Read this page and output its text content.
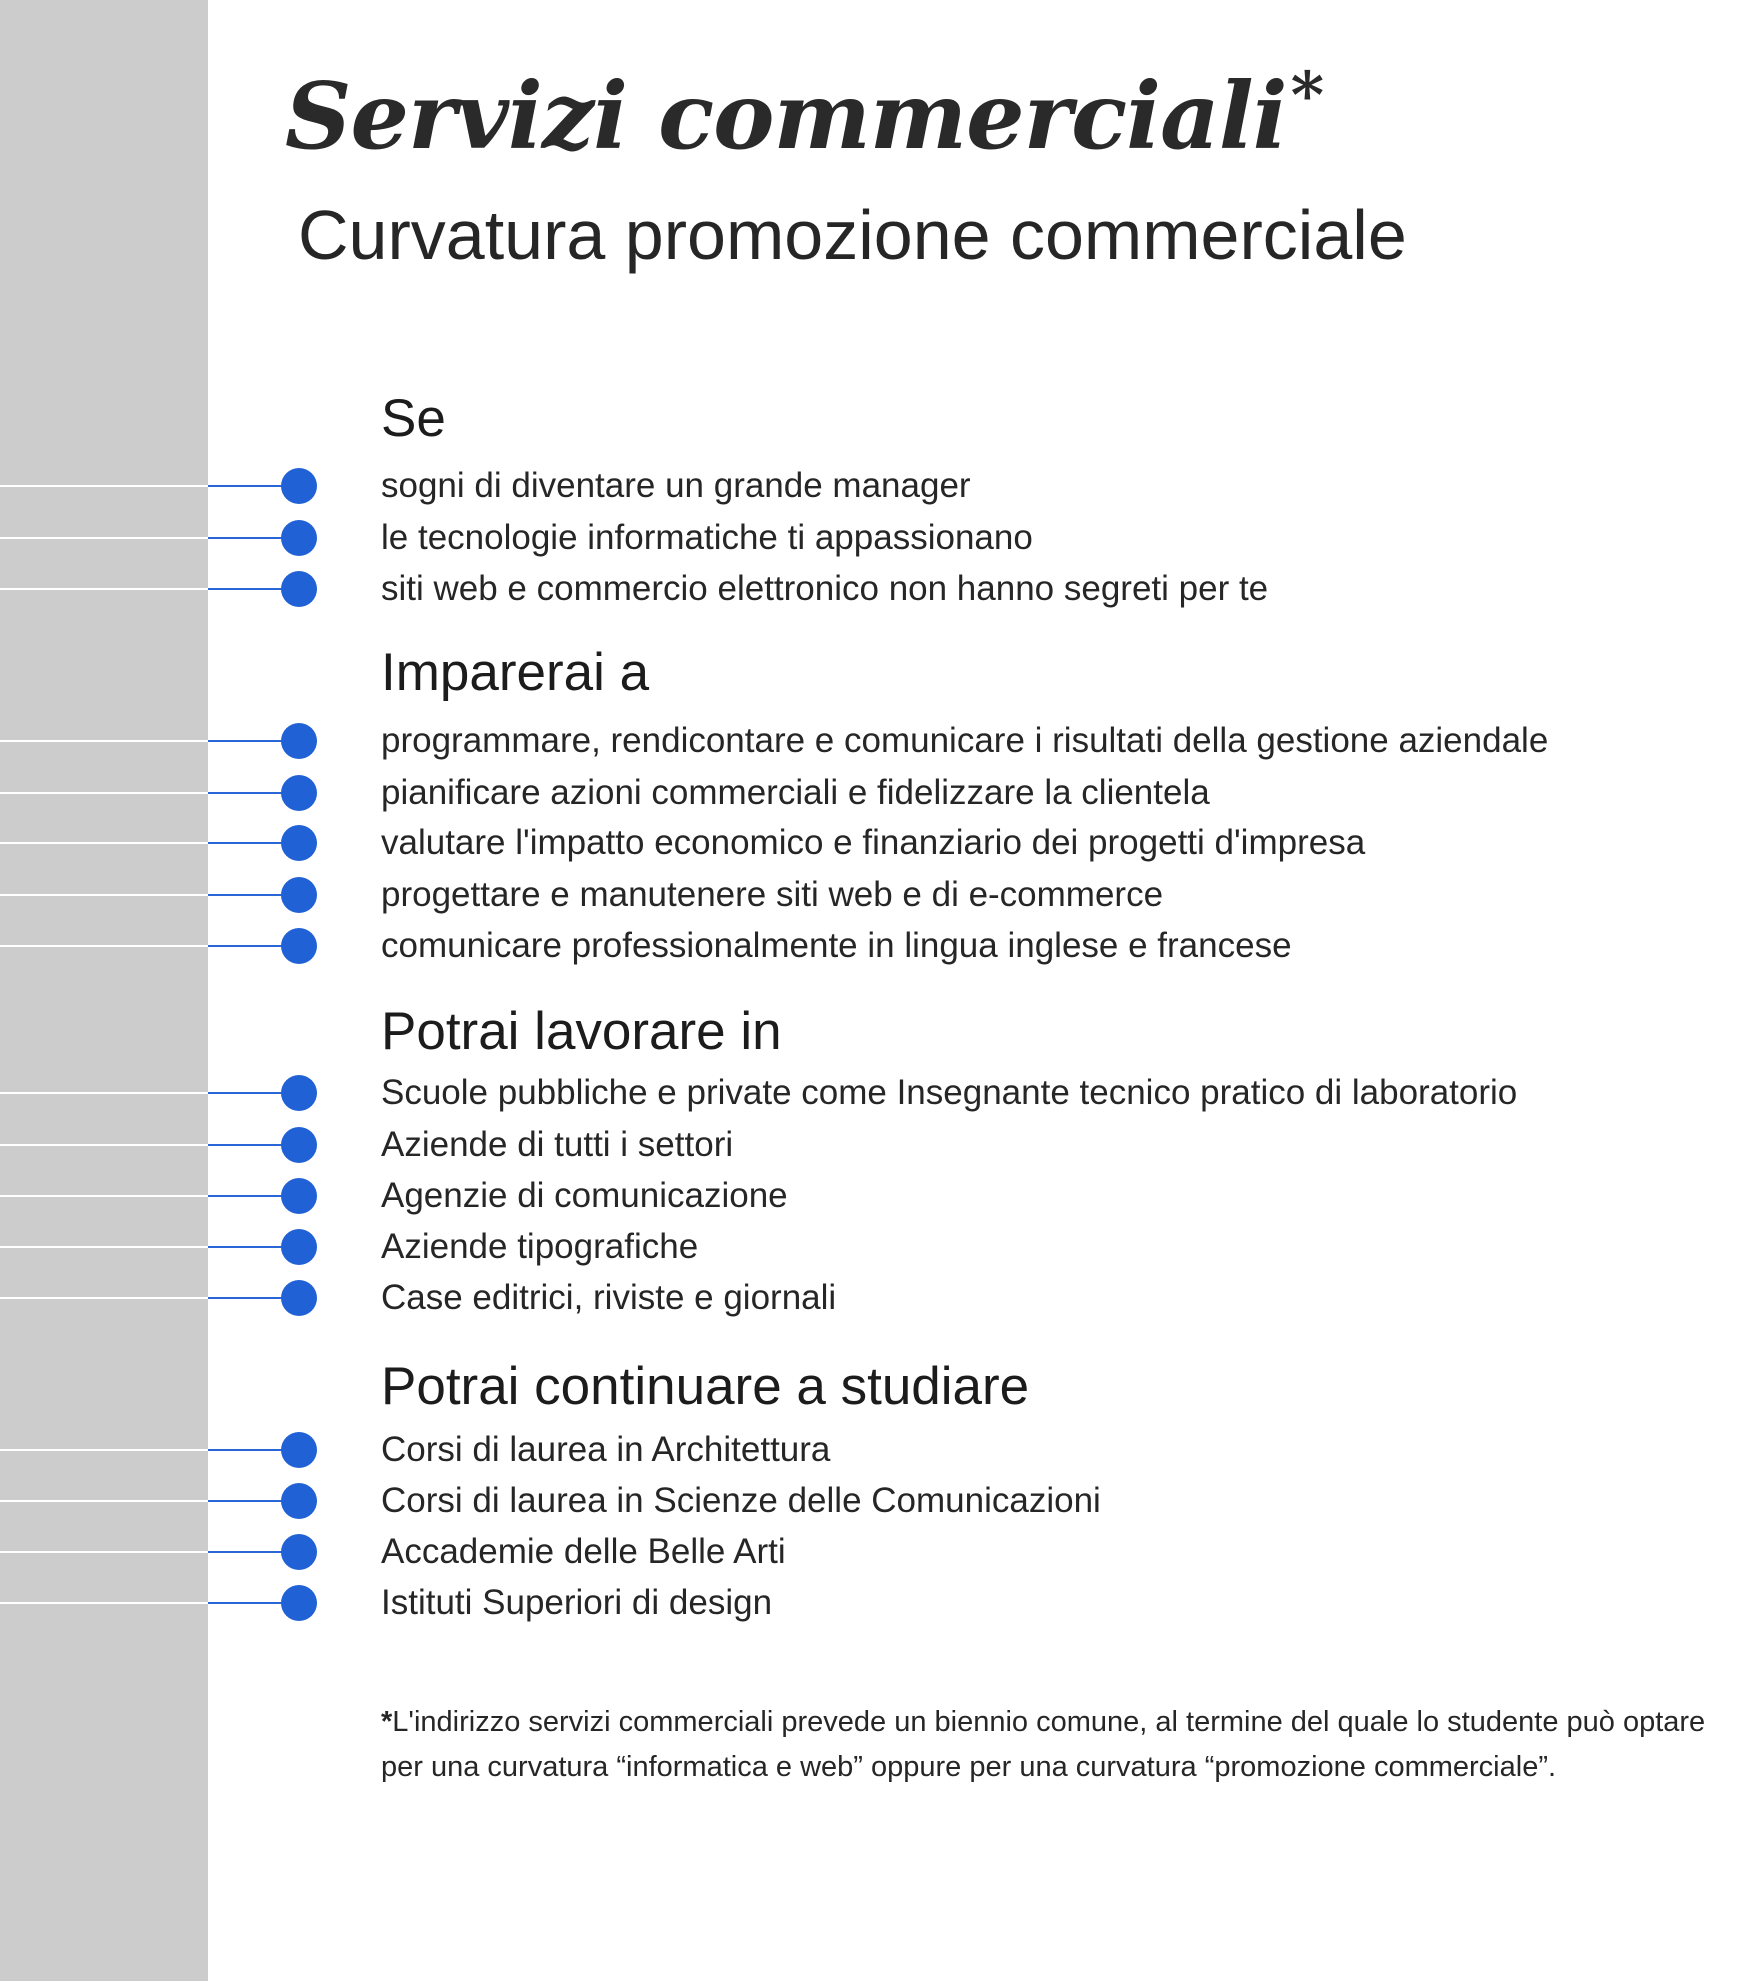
Servizi commerciali*
Curvatura promozione commerciale
Se
sogni di diventare un grande manager
le tecnologie informatiche ti appassionano
siti web e commercio elettronico non hanno segreti per te
Imparerai a
programmare, rendicontare e comunicare i risultati della gestione aziendale
pianificare azioni commerciali e fidelizzare la clientela
valutare l'impatto economico e finanziario dei progetti d'impresa
progettare e manutenere siti web e di e-commerce
comunicare professionalmente in lingua inglese e francese
Potrai lavorare in
Scuole pubbliche e private come Insegnante tecnico pratico di laboratorio
Aziende di tutti i settori
Agenzie di comunicazione
Aziende tipografiche
Case editrici, riviste e giornali
Potrai continuare a studiare
Corsi di laurea in Architettura
Corsi di laurea in Scienze delle Comunicazioni
Accademie delle Belle Arti
Istituti Superiori di design
*L'indirizzo servizi commerciali prevede un biennio comune, al termine del quale lo studente può optare per una curvatura “informatica e web” oppure per una curvatura “promozione commerciale”.
